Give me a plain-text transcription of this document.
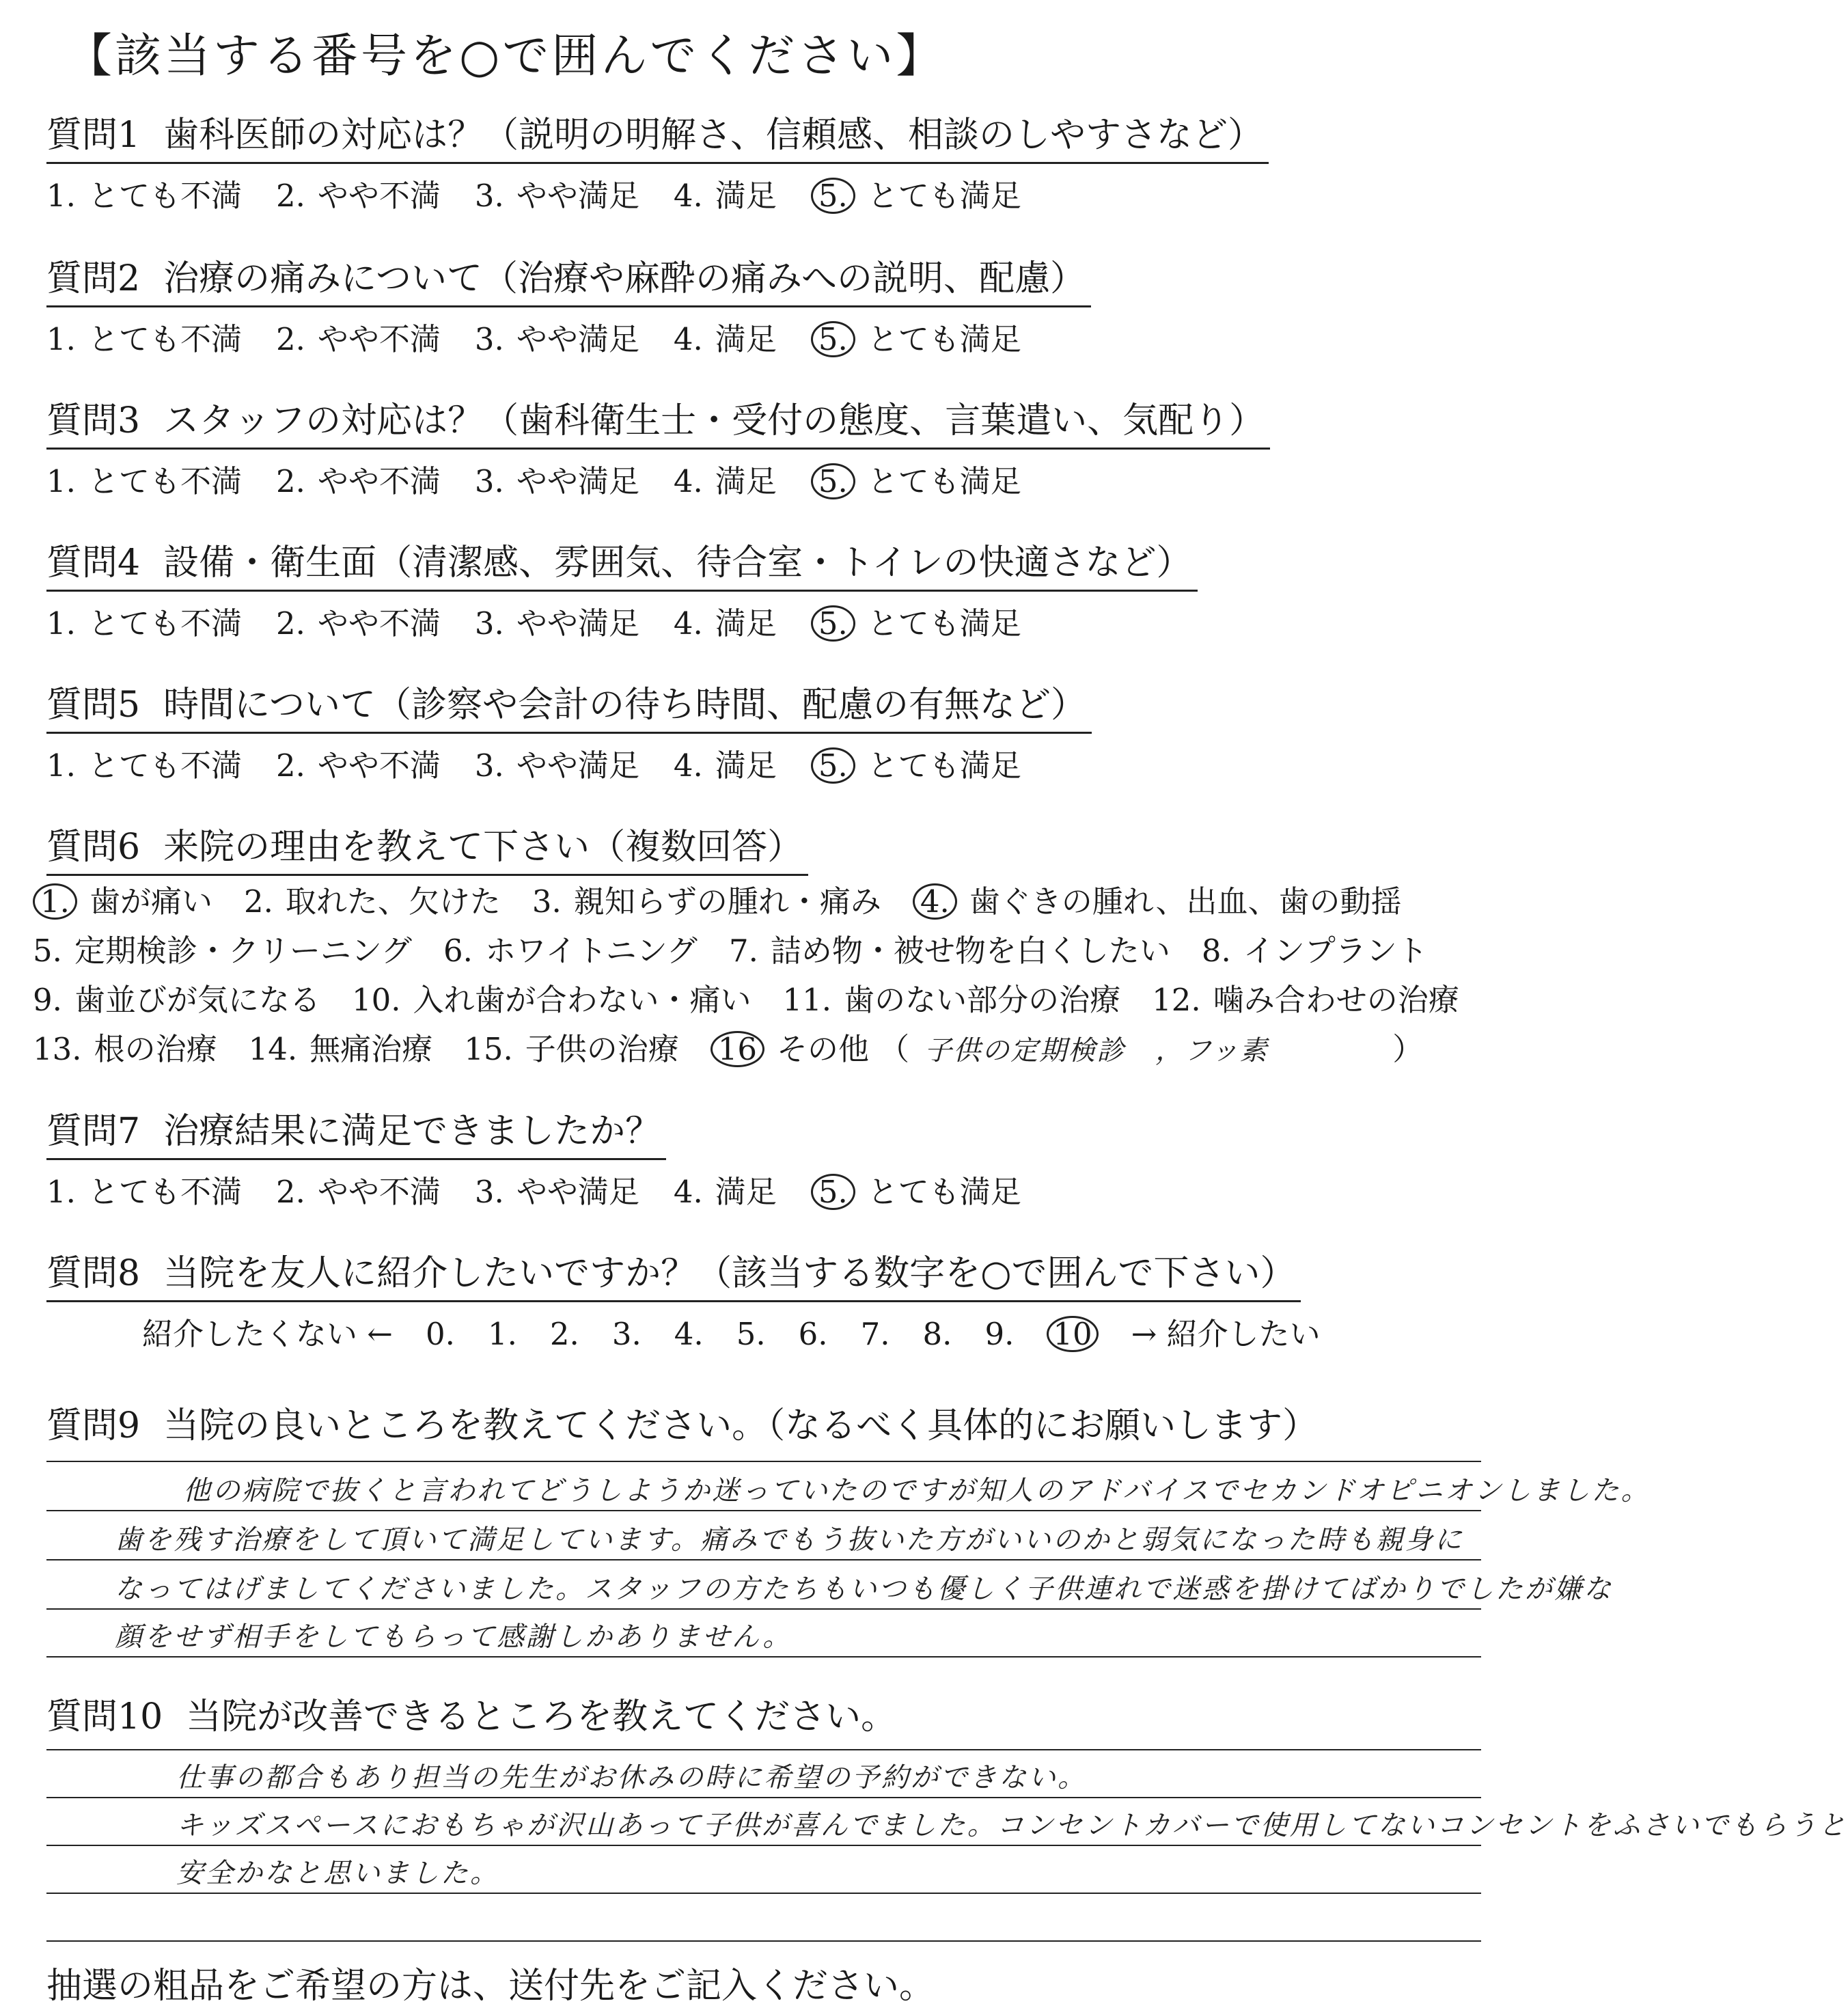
【該当する番号を○で囲んでください】
質問1 歯科医師の対応は？（説明の明解さ、信頼感、相談のしやすさなど）
1. とても不満 2. やや不満 3. やや満足 4. 満足 5. とても満足
質問2 治療の痛みについて（治療や麻酔の痛みへの説明、配慮）
1. とても不満 2. やや不満 3. やや満足 4. 満足 5. とても満足
質問3 スタッフの対応は？（歯科衛生士・受付の態度、言葉遣い、気配り）
1. とても不満 2. やや不満 3. やや満足 4. 満足 5. とても満足
質問4 設備・衛生面（清潔感、雰囲気、待合室・トイレの快適さなど）
1. とても不満 2. やや不満 3. やや満足 4. 満足 5. とても満足
質問5 時間について（診察や会計の待ち時間、配慮の有無など）
1. とても不満 2. やや不満 3. やや満足 4. 満足 5. とても満足
質問6 来院の理由を教えて下さい（複数回答）
1. 歯が痛い 2. 取れた、欠けた 3. 親知らずの腫れ・痛み 4. 歯ぐきの腫れ、出血、歯の動揺
5. 定期検診・クリーニング 6. ホワイトニング 7. 詰め物・被せ物を白くしたい 8. インプラント
9. 歯並びが気になる 10. 入れ歯が合わない・痛い 11. 歯のない部分の治療 12. 噛み合わせの治療
13. 根の治療 14. 無痛治療 15. 子供の治療 16 その他 （ 子供の定期検診 ，フッ素	）
質問7 治療結果に満足できましたか？
1. とても不満 2. やや不満 3. やや満足 4. 満足 5. とても満足
質問8 当院を友人に紹介したいですか？（該当する数字を○で囲んで下さい）
紹介したくない ← 0. 1. 2. 3. 4. 5. 6. 7. 8. 9. 10 → 紹介したい
質問9 当院の良いところを教えてください。（なるべく具体的にお願いします）
他の病院で抜くと言われてどうしようか迷っていたのですが知人のアドバイスでセカンドオピニオンしました。
歯を残す治療をして頂いて満足しています。痛みでもう抜いた方がいいのかと弱気になった時も親身に
なってはげましてくださいました。スタッフの方たちもいつも優しく子供連れで迷惑を掛けてばかりでしたが嫌な
顔をせず相手をしてもらって感謝しかありません。
質問10 当院が改善できるところを教えてください。
仕事の都合もあり担当の先生がお休みの時に希望の予約ができない。
キッズスペースにおもちゃが沢山あって子供が喜んでました。コンセントカバーで使用してないコンセントをふさいでもらうと
安全かなと思いました。
抽選の粗品をご希望の方は、送付先をご記入ください。
